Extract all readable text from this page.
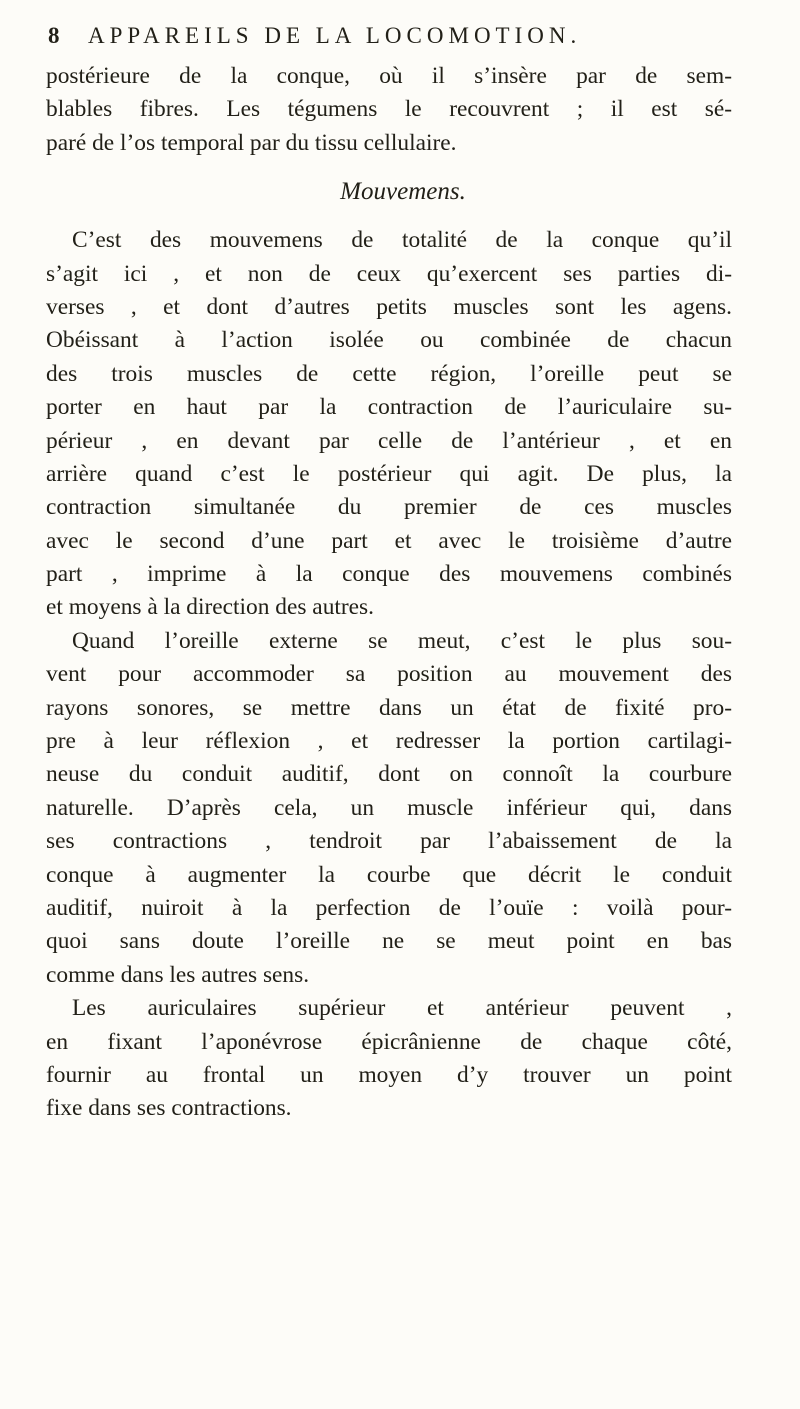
8 APPAREILS DE LA LOCOMOTION.
postérieure de la conque, où il s’insère par de sem-
blables fibres. Les tégumens le recouvrent ; il est sé-
paré de l’os temporal par du tissu cellulaire.
Mouvemens.
C’est des mouvemens de totalité de la conque qu’il
s’agit ici , et non de ceux qu’exercent ses parties di-
verses , et dont d’autres petits muscles sont les agens.
Obéissant à l’action isolée ou combinée de chacun
des trois muscles de cette région, l’oreille peut se
porter en haut par la contraction de l’auriculaire su-
périeur , en devant par celle de l’antérieur , et en
arrière quand c’est le postérieur qui agit. De plus, la
contraction simultanée du premier de ces muscles
avec le second d’une part et avec le troisième d’autre
part , imprime à la conque des mouvemens combinés
et moyens à la direction des autres.
Quand l’oreille externe se meut, c’est le plus sou-
vent pour accommoder sa position au mouvement des
rayons sonores, se mettre dans un état de fixité pro-
pre à leur réflexion , et redresser la portion cartilagi-
neuse du conduit auditif, dont on connoît la courbure
naturelle. D’après cela, un muscle inférieur qui, dans
ses contractions , tendroit par l’abaissement de la
conque à augmenter la courbe que décrit le conduit
auditif, nuiroit à la perfection de l’ouïe : voilà pour-
quoi sans doute l’oreille ne se meut point en bas
comme dans les autres sens.
Les auriculaires supérieur et antérieur peuvent ,
en fixant l’aponévrose épicrânienne de chaque côté,
fournir au frontal un moyen d’y trouver un point
fixe dans ses contractions.
